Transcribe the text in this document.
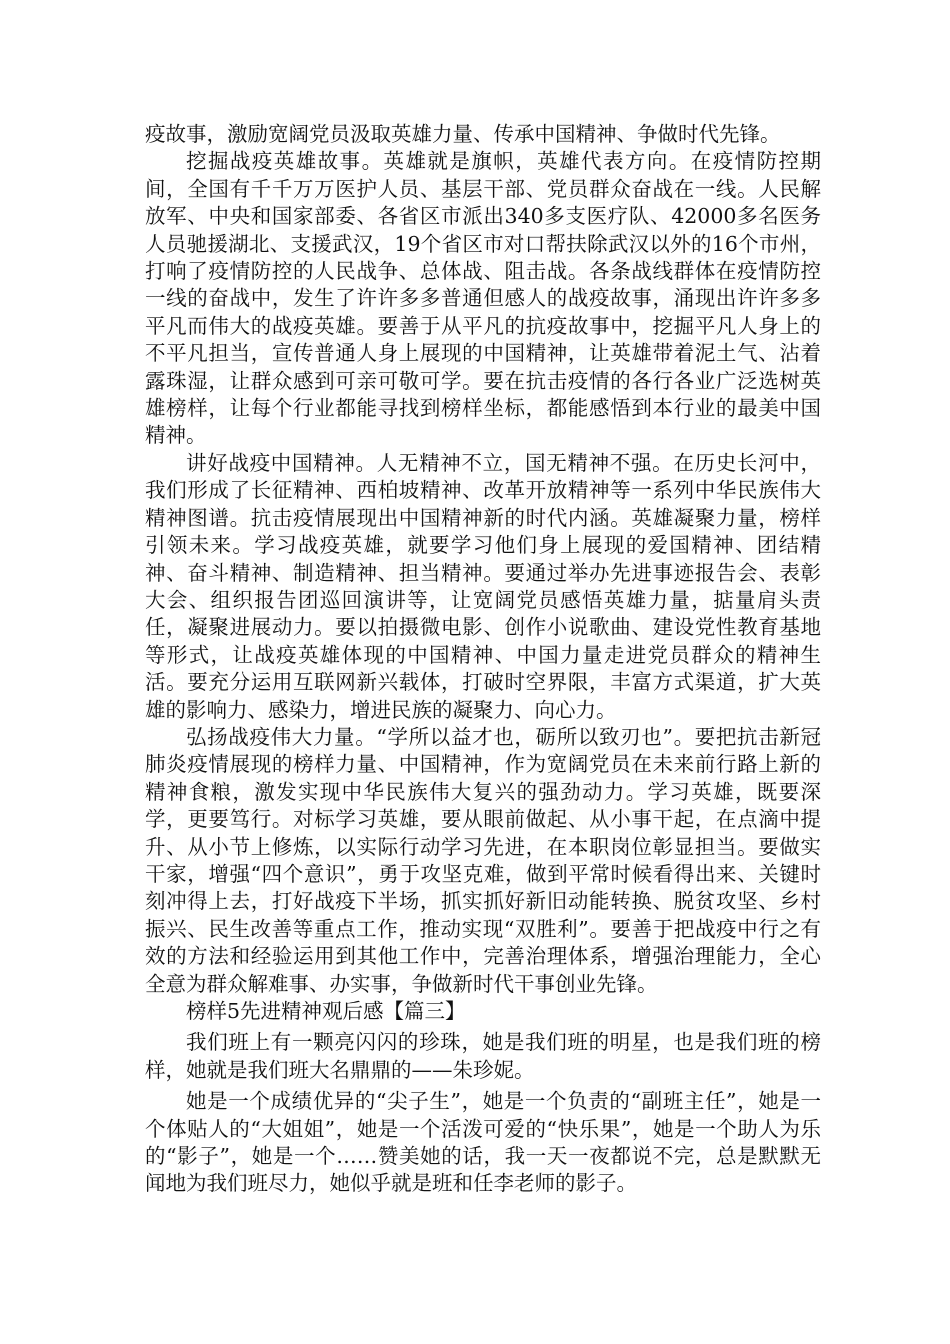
疫故事，激励宽阔党员汲取英雄力量、传承中国精神、争做时代先锋。

挖掘战疫英雄故事。英雄就是旗帜，英雄代表方向。在疫情防控期间，全国有千千万万医护人员、基层干部、党员群众奋战在一线。人民解放军、中央和国家部委、各省区市派出340多支医疗队、42000多名医务人员驰援湖北、支援武汉，19个省区市对口帮扶除武汉以外的16个市州，打响了疫情防控的人民战争、总体战、阻击战。各条战线群体在疫情防控一线的奋战中，发生了许许多多普通但感人的战疫故事，涌现出许许多多平凡而伟大的战疫英雄。要善于从平凡的抗疫故事中，挖掘平凡人身上的不平凡担当，宣传普通人身上展现的中国精神，让英雄带着泥土气、沾着露珠湿，让群众感到可亲可敬可学。要在抗击疫情的各行各业广泛选树英雄榜样，让每个行业都能寻找到榜样坐标，都能感悟到本行业的最美中国精神。

讲好战疫中国精神。人无精神不立，国无精神不强。在历史长河中，我们形成了长征精神、西柏坡精神、改革开放精神等一系列中华民族伟大精神图谱。抗击疫情展现出中国精神新的时代内涵。英雄凝聚力量，榜样引领未来。学习战疫英雄，就要学习他们身上展现的爱国精神、团结精神、奋斗精神、制造精神、担当精神。要通过举办先进事迹报告会、表彰大会、组织报告团巡回演讲等，让宽阔党员感悟英雄力量，掂量肩头责任，凝聚进展动力。要以拍摄微电影、创作小说歌曲、建设党性教育基地等形式，让战疫英雄体现的中国精神、中国力量走进党员群众的精神生活。要充分运用互联网新兴载体，打破时空界限，丰富方式渠道，扩大英雄的影响力、感染力，增进民族的凝聚力、向心力。

弘扬战疫伟大力量。“学所以益才也，砺所以致刃也”。要把抗击新冠肺炎疫情展现的榜样力量、中国精神，作为宽阔党员在未来前行路上新的精神食粮，激发实现中华民族伟大复兴的强劲动力。学习英雄，既要深学，更要笃行。对标学习英雄，要从眼前做起、从小事干起，在点滴中提升、从小节上修炼，以实际行动学习先进，在本职岗位彰显担当。要做实干家，增强“四个意识”，勇于攻坚克难，做到平常时候看得出来、关键时刻冲得上去，打好战疫下半场，抓实抓好新旧动能转换、脱贫攻坚、乡村振兴、民生改善等重点工作，推动实现“双胜利”。要善于把战疫中行之有效的方法和经验运用到其他工作中，完善治理体系，增强治理能力，全心全意为群众解难事、办实事，争做新时代干事创业先锋。

榜样5先进精神观后感【篇三】

我们班上有一颗亮闪闪的珍珠，她是我们班的明星，也是我们班的榜样，她就是我们班大名鼎鼎的——朱珍妮。

她是一个成绩优异的“尖子生”，她是一个负责的“副班主任”，她是一个体贴人的“大姐姐”，她是一个活泼可爱的“快乐果”，她是一个助人为乐的“影子”，她是一个……赞美她的话，我一天一夜都说不完，总是默默无闻地为我们班尽力，她似乎就是班和任李老师的影子。
